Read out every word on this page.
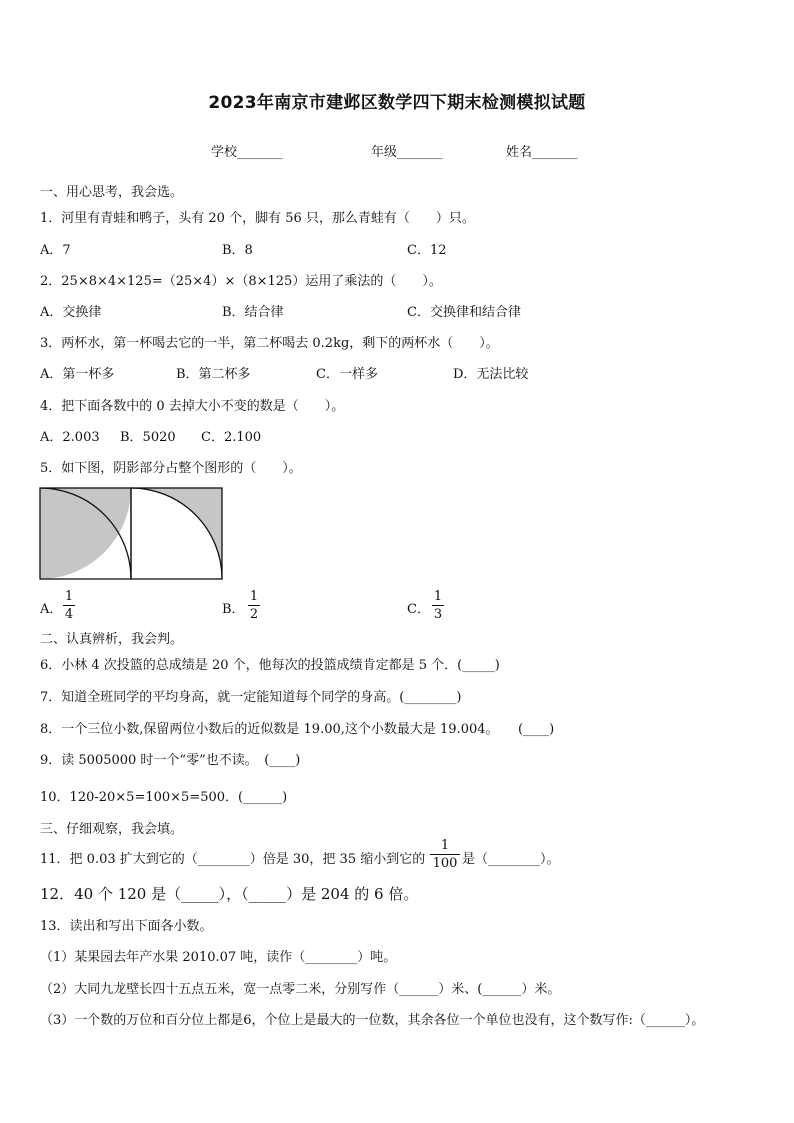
2023年南京市建邺区数学四下期末检测模拟试题
学校_______	年级_______	姓名_______
一、用心思考，我会选。
1．河里有青蛙和鸭子，头有 20 个，脚有 56 只，那么青蛙有（　　）只。
A．7	B．8	C．12
2．25×8×4×125=（25×4）×（8×125）运用了乘法的（　　）。
A．交换律	B．结合律	C．交换律和结合律
3．两杯水，第一杯喝去它的一半，第二杯喝去 0.2kg，剩下的两杯水（　　）。
A．第一杯多	B．第二杯多	C．一样多	D．无法比较
4．把下面各数中的 0 去掉大小不变的数是（　　）。
A．2.003 B．5020 C．2.100
5．如下图，阴影部分占整个图形的（　　）。
A．
1
4	B．
1
2	C．
1
3
二、认真辨析，我会判。
6．小林 4 次投篮的总成绩是 20 个，他每次的投篮成绩肯定都是 5 个．(_____)
7．知道全班同学的平均身高，就一定能知道每个同学的身高。(________)
8．一个三位小数,保留两位小数后的近似数是 19.00,这个小数最大是 19.004。　　(____)
9．读 5005000 时一个“零”也不读。　(____)
10．120-20×5=100×5=500．(______)
三、仔细观察，我会填。
11．把 0.03 扩大到它的（________）倍是 30，把 35 缩小到它的
1
100 是（________）。
12．40 个 120 是（_____），（_____）是 204 的 6 倍。
13．读出和写出下面各小数。
（1）某果园去年产水果 2010.07 吨，读作（________）吨。
（2）大同九龙壁长四十五点五米，宽一点零二米，分别写作（______）米、(______）米。
（3）一个数的万位和百分位上都是6，个位上是最大的一位数，其余各位一个单位也没有，这个数写作:（______）。
